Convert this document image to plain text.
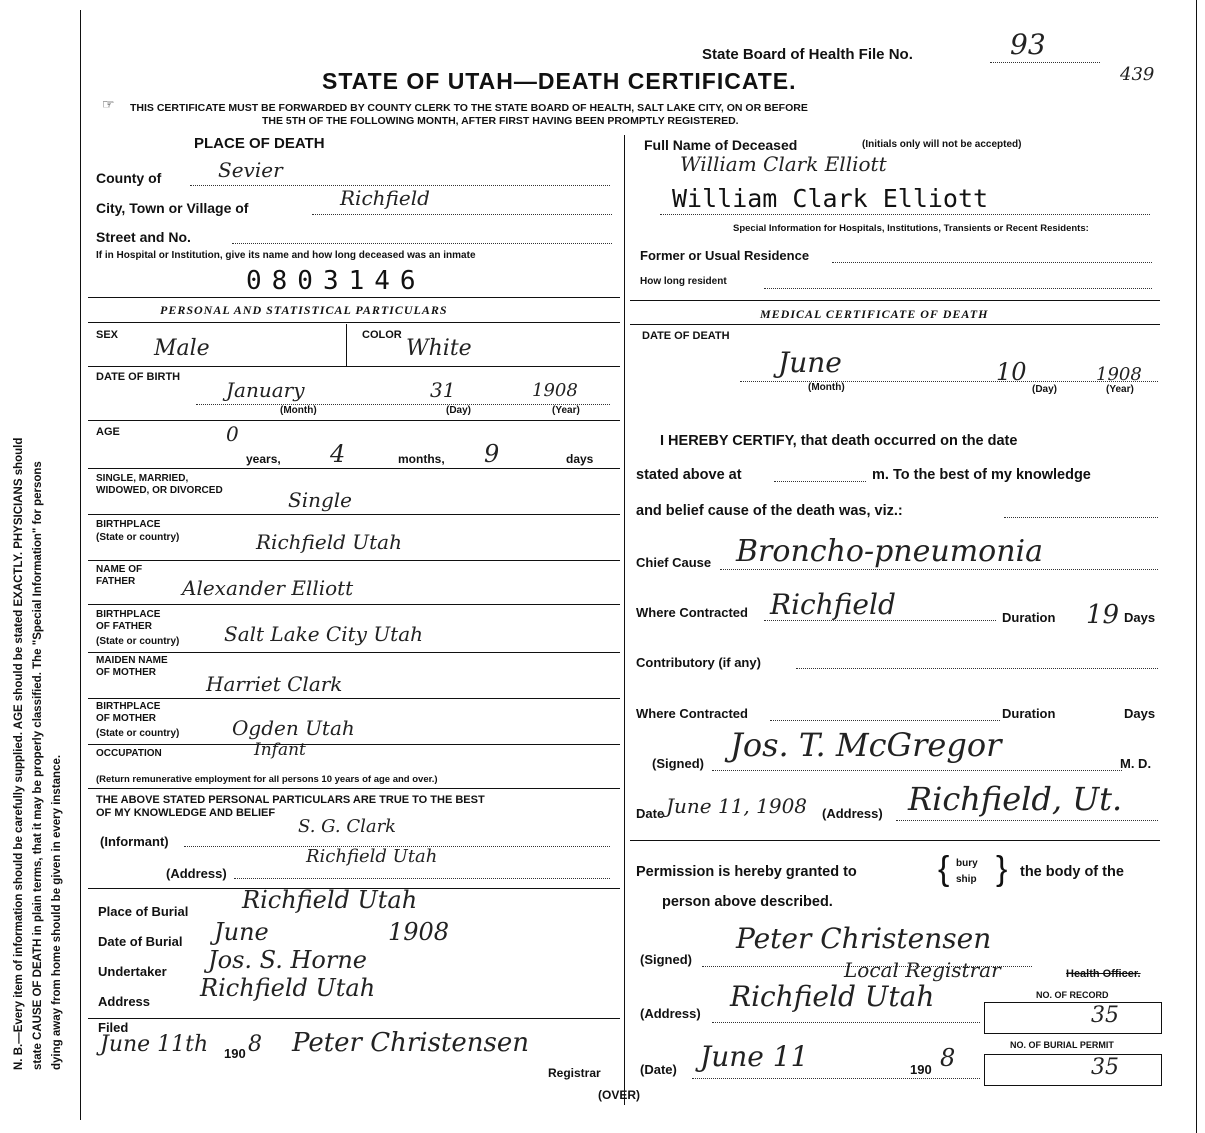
N. B.—Every item of information should be carefully supplied. AGE should be stated EXACTLY. PHYSICIANS should state CAUSE OF DEATH in plain terms, that it may be properly classified. The "Special Information" for persons dying away from home should be given in every instance.
State Board of Health File No.	93
439
STATE OF UTAH—DEATH CERTIFICATE.
☞ THIS CERTIFICATE MUST BE FORWARDED BY COUNTY CLERK TO THE STATE BOARD OF HEALTH, SALT LAKE CITY, ON OR BEFORE
THE 5TH OF THE FOLLOWING MONTH, AFTER FIRST HAVING BEEN PROMPTLY REGISTERED.
PLACE OF DEATH
County of	Sevier
City, Town or Village of	Richfield
Street and No.
If in Hospital or Institution, give its name and how long deceased was an inmate
0803146
Full Name of Deceased	(Initials only will not be accepted)
William Clark Elliott
William Clark Elliott
Special Information for Hospitals, Institutions, Transients or Recent Residents:
Former or Usual Residence
How long resident
PERSONAL AND STATISTICAL PARTICULARS	MEDICAL CERTIFICATE OF DEATH
SEX
Male
COLOR
White
DATE OF BIRTH
January	31	1908
(Month)	(Day)	(Year)
AGE	0
years, 4	months, 9	days
SINGLE, MARRIED,
WIDOWED, OR DIVORCED	Single
BIRTHPLACE
(State or country)	Richfield Utah
NAME OF
FATHER Alexander Elliott
BIRTHPLACE
OF FATHER
(State or country) Salt Lake City Utah
MAIDEN NAME
OF MOTHER	Harriet Clark
BIRTHPLACE
OF MOTHER
(State or country)	Ogden Utah
OCCUPATION	Infant
(Return remunerative employment for all persons 10 years of age and over.)
THE ABOVE STATED PERSONAL PARTICULARS ARE TRUE TO THE BEST
OF MY KNOWLEDGE AND BELIEF
S. G. Clark
(Informant)
Richfield Utah
(Address)
Place of Burial Richfield Utah
Date of Burial June	1908
Undertaker Jos. S. Horne
Address Richfield Utah
Filed
June 11th 190 8 Peter Christensen
Registrar
(OVER)
DATE OF DEATH
June	10	1908
(Month)	(Day)	(Year)
I HEREBY CERTIFY, that death occurred on the date
stated above at	m. To the best of my knowledge
and belief cause of the death was, viz.:
Chief Cause Broncho-pneumonia
Where Contracted Richfield	Duration 19 Days
Contributory (if any)
Where Contracted	Duration	Days
(Signed) Jos. T. McGregor	M. D.
Date June 11, 1908 (Address) Richfield, Ut.
Permission is hereby granted to { bury
ship } the body of the
person above described.
(Signed)
Peter Christensen
Local Registrar	Health Officer.
NO. OF RECORD
(Address)
Richfield Utah
35
NO. OF BURIAL PERMIT
(Date) June 11	190 8	35
